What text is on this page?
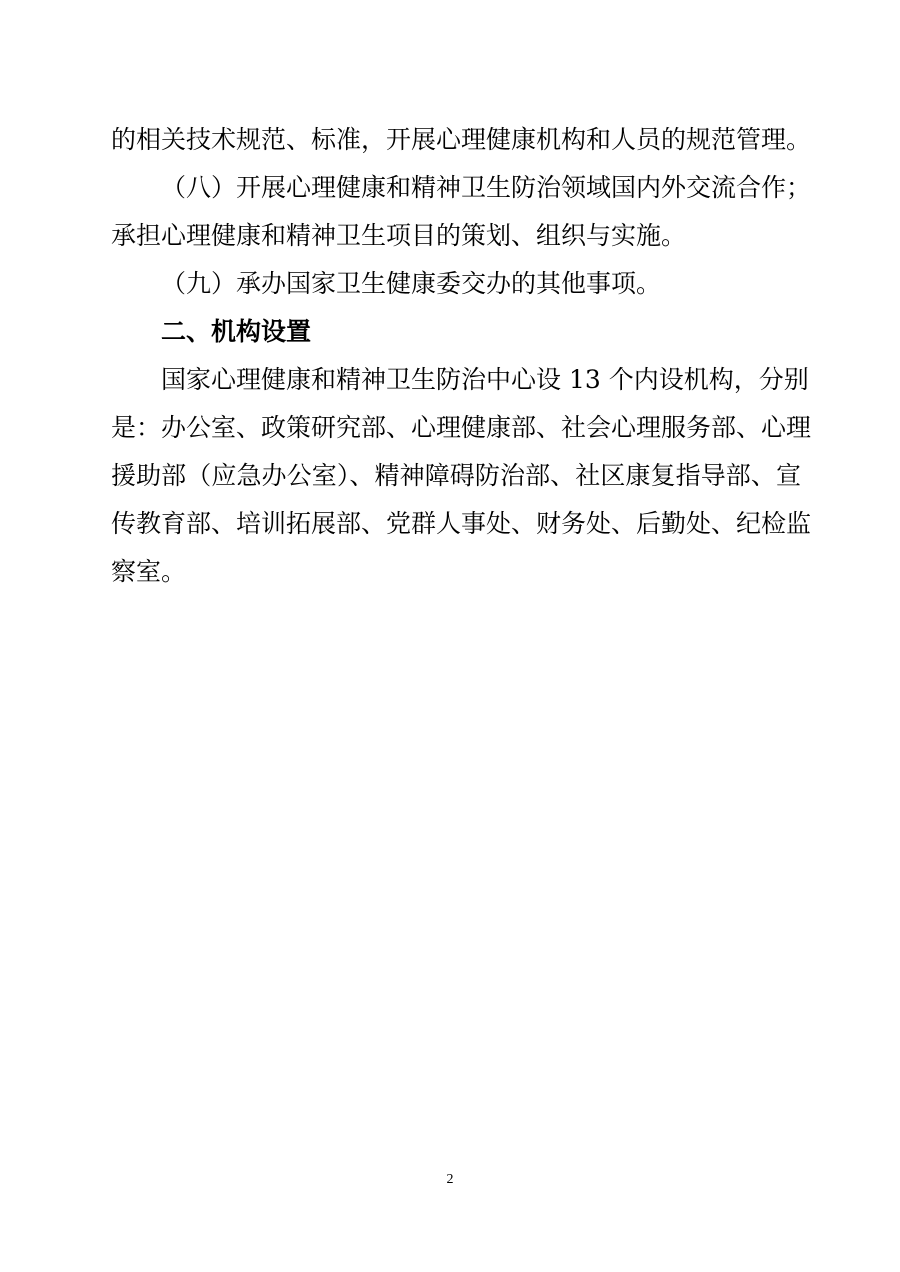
的相关技术规范、标准，开展心理健康机构和人员的规范管理。
（八）开展心理健康和精神卫生防治领域国内外交流合作；
承担心理健康和精神卫生项目的策划、组织与实施。
（九）承办国家卫生健康委交办的其他事项。
二、机构设置
国家心理健康和精神卫生防治中心设 13 个内设机构，分别
是：办公室、政策研究部、心理健康部、社会心理服务部、心理
援助部（应急办公室）、精神障碍防治部、社区康复指导部、宣
传教育部、培训拓展部、党群人事处、财务处、后勤处、纪检监
察室。
2
